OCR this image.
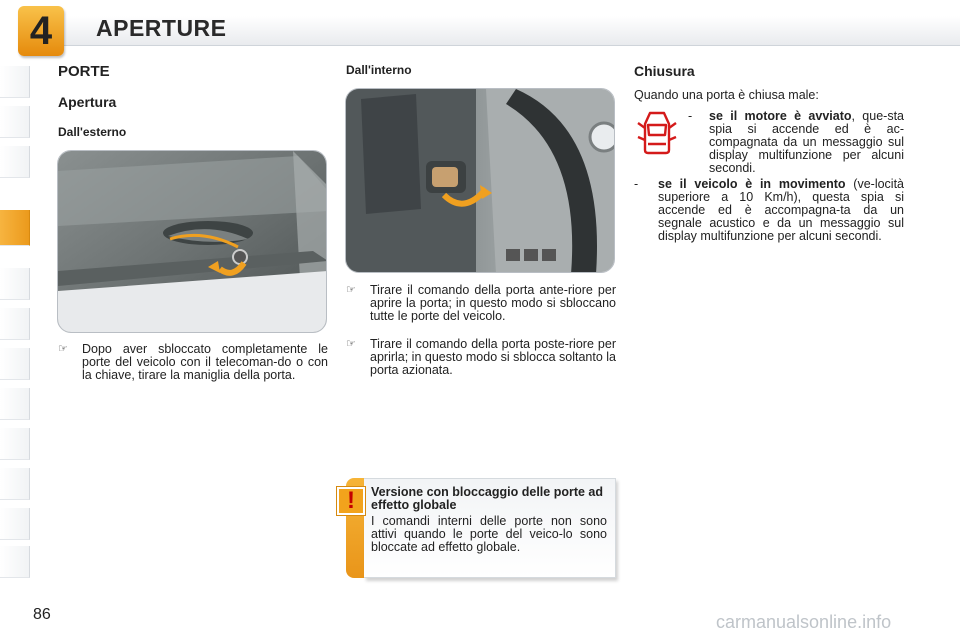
4	APERTURE
PORTE
Apertura
Dall'esterno
☞	Dopo aver sbloccato completamente le porte del veicolo con il telecoman-do o con la chiave, tirare la maniglia della porta.
Dall'interno
☞	Tirare il comando della porta ante-riore per aprire la porta; in questo modo si sbloccano tutte le porte del veicolo.
☞	Tirare il comando della porta poste-riore per aprirla; in questo modo si sblocca soltanto la porta azionata.
Versione con bloccaggio delle porte ad effetto globale
I comandi interni delle porte non sono attivi quando le porte del veico-lo sono bloccate ad effetto globale.
!
Chiusura
Quando una porta è chiusa male:
-	se il motore è avviato, que-sta spia si accende ed è ac-compagnata da un messaggio sul display multifunzione per alcuni secondi.
-	se il veicolo è in movimento (ve-locità superiore a 10 Km/h), questa spia si accende ed è accompagna-ta da un segnale acustico e da un messaggio sul display multifunzione per alcuni secondi.
86	carmanualsonline.info
